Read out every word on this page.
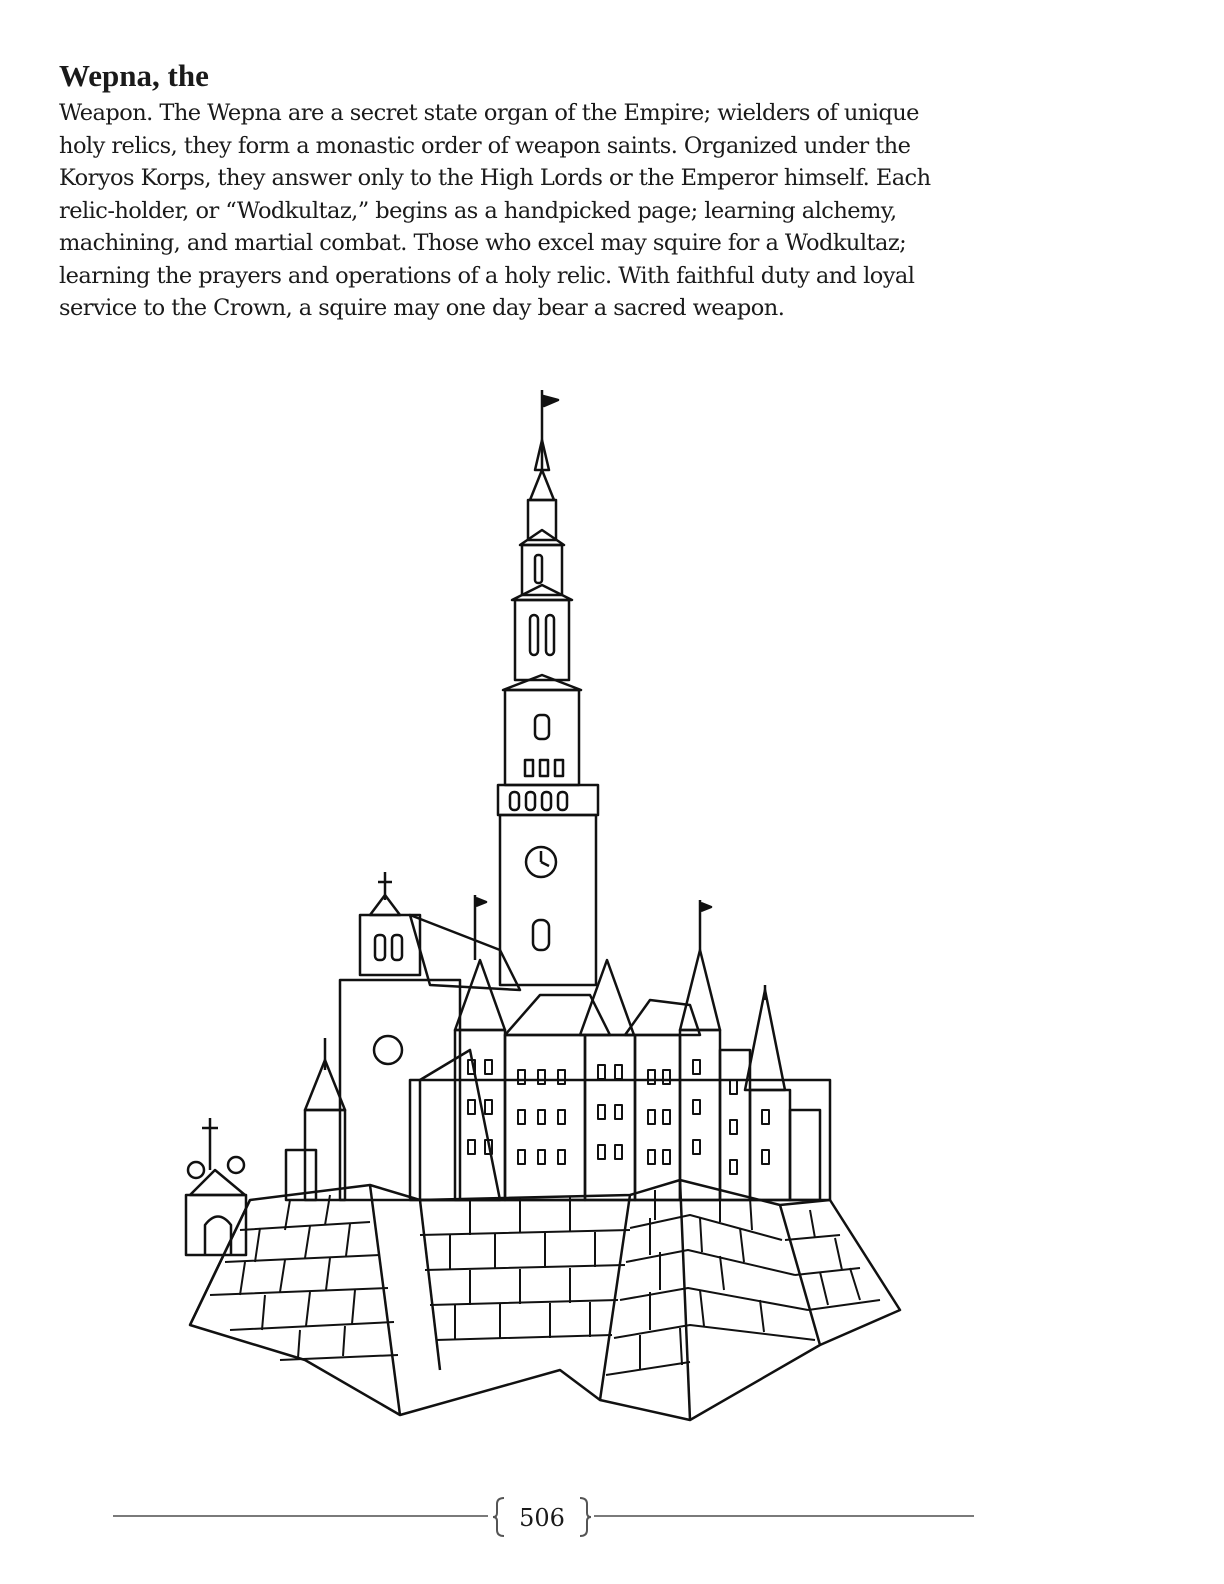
Wepna, the

Weapon. The Wepna are a secret state organ of the Empire; wielders of unique
holy relics, they form a monastic order of weapon saints. Organized under the
Koryos Korps, they answer only to the High Lords or the Emperor himself. Each
relic-holder, or “Wodkultaz,” begins as a handpicked page; learning alchemy,
machining, and martial combat. Those who excel may squire for a Wodkultaz;
learning the prayers and operations of a holy relic. With faithful duty and loyal
service to the Crown, a squire may one day bear a sacred weapon.

506
